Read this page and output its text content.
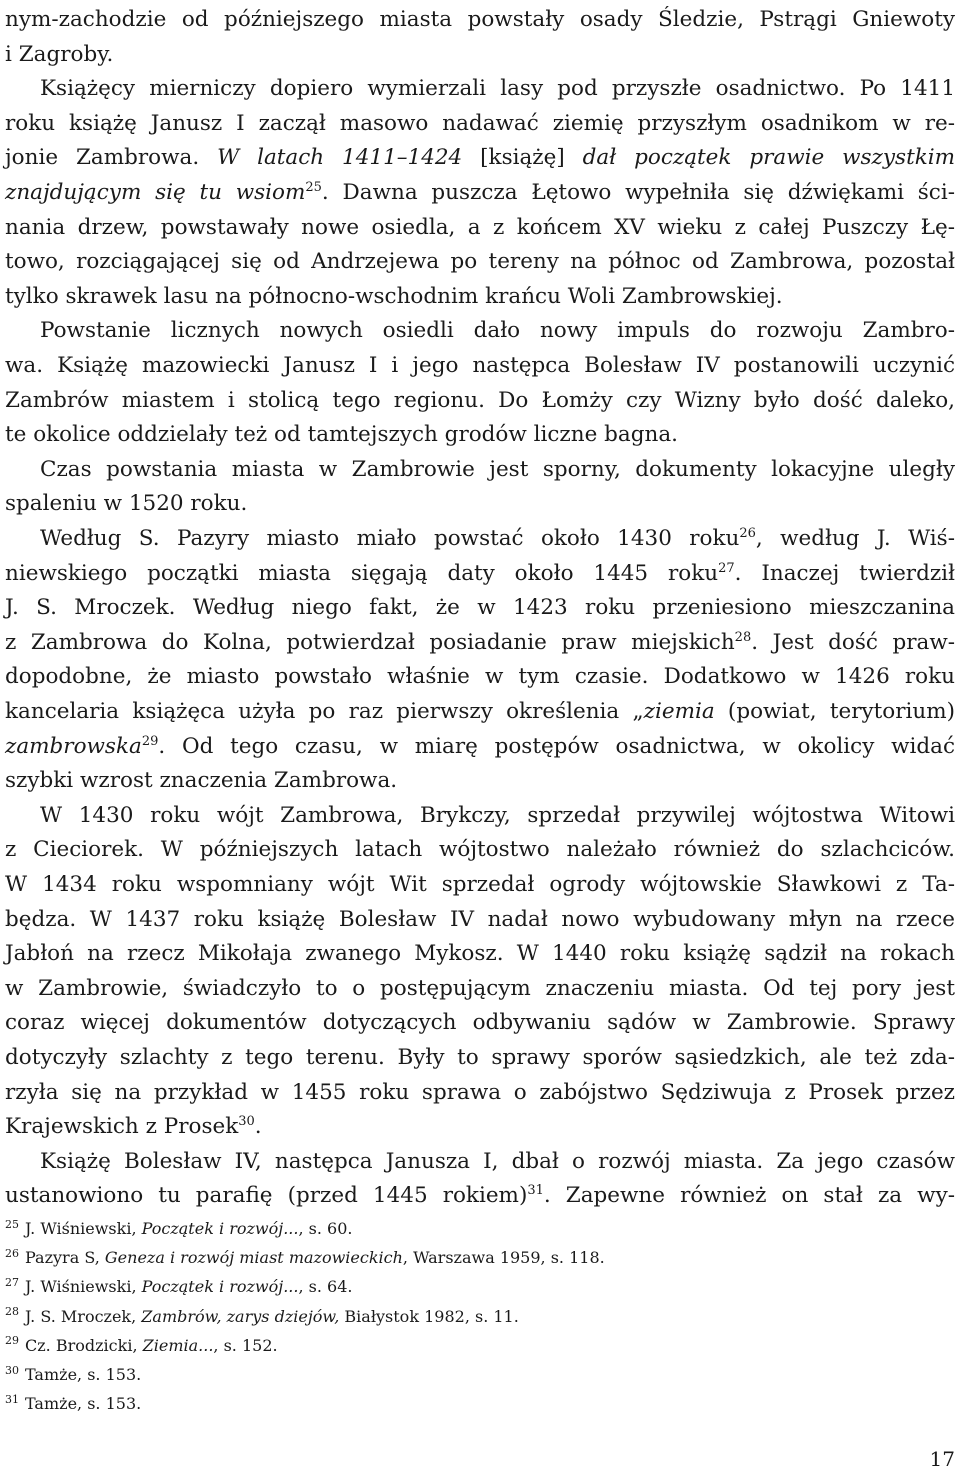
nym-zachodzie od późniejszego miasta powstały osady Śledzie, Pstrągi Gniewoty
i Zagroby.
Książęcy mierniczy dopiero wymierzali lasy pod przyszłe osadnictwo. Po 1411
roku książę Janusz I zaczął masowo nadawać ziemię przyszłym osadnikom w re-
jonie Zambrowa. W latach 1411–1424 [książę] dał początek prawie wszystkim
znajdującym się tu wsiom$^{25}$. Dawna puszcza Łętowo wypełniła się dźwiękami ści-
nania drzew, powstawały nowe osiedla, a z końcem XV wieku z całej Puszczy Łę-
towo, rozciągającej się od Andrzejewa po tereny na północ od Zambrowa, pozostał
tylko skrawek lasu na północno-wschodnim krańcu Woli Zambrowskiej.
Powstanie licznych nowych osiedli dało nowy impuls do rozwoju Zambro-
wa. Książę mazowiecki Janusz I i jego następca Bolesław IV postanowili uczynić
Zambrów miastem i stolicą tego regionu. Do Łomży czy Wizny było dość daleko,
te okolice oddzielały też od tamtejszych grodów liczne bagna.
Czas powstania miasta w Zambrowie jest sporny, dokumenty lokacyjne uległy
spaleniu w 1520 roku.
Według S. Pazyry miasto miało powstać około 1430 roku$^{26}$, według J. Wiś-
niewskiego początki miasta sięgają daty około 1445 roku$^{27}$. Inaczej twierdził
J. S. Mroczek. Według niego fakt, że w 1423 roku przeniesiono mieszczanina
z Zambrowa do Kolna, potwierdzał posiadanie praw miejskich$^{28}$. Jest dość praw-
dopodobne, że miasto powstało właśnie w tym czasie. Dodatkowo w 1426 roku
kancelaria książęca użyła po raz pierwszy określenia „ziemia (powiat, terytorium)
zambrowska$^{29}$. Od tego czasu, w miarę postępów osadnictwa, w okolicy widać
szybki wzrost znaczenia Zambrowa.
W 1430 roku wójt Zambrowa, Brykczy, sprzedał przywilej wójtostwa Witowi
z Cieciorek. W późniejszych latach wójtostwo należało również do szlachciców.
W 1434 roku wspomniany wójt Wit sprzedał ogrody wójtowskie Sławkowi z Ta-
będza. W 1437 roku książę Bolesław IV nadał nowo wybudowany młyn na rzece
Jabłoń na rzecz Mikołaja zwanego Mykosz. W 1440 roku książę sądził na rokach
w Zambrowie, świadczyło to o postępującym znaczeniu miasta. Od tej pory jest
coraz więcej dokumentów dotyczących odbywaniu sądów w Zambrowie. Sprawy
dotyczyły szlachty z tego terenu. Były to sprawy sporów sąsiedzkich, ale też zda-
rzyła się na przykład w 1455 roku sprawa o zabójstwo Sędziwuja z Prosek przez
Krajewskich z Prosek$^{30}$.
Książę Bolesław IV, następca Janusza I, dbał o rozwój miasta. Za jego czasów
ustanowiono tu parafię (przed 1445 rokiem)$^{31}$. Zapewne również on stał za wy-
$^{25}$ J. Wiśniewski, Początek i rozwój..., s. 60.
$^{26}$ Pazyra S, Geneza i rozwój miast mazowieckich, Warszawa 1959, s. 118.
$^{27}$ J. Wiśniewski, Początek i rozwój..., s. 64.
$^{28}$ J. S. Mroczek, Zambrów, zarys dziejów, Białystok 1982, s. 11.
$^{29}$ Cz. Brodzicki, Ziemia..., s. 152.
$^{30}$ Tamże, s. 153.
$^{31}$ Tamże, s. 153.
17
